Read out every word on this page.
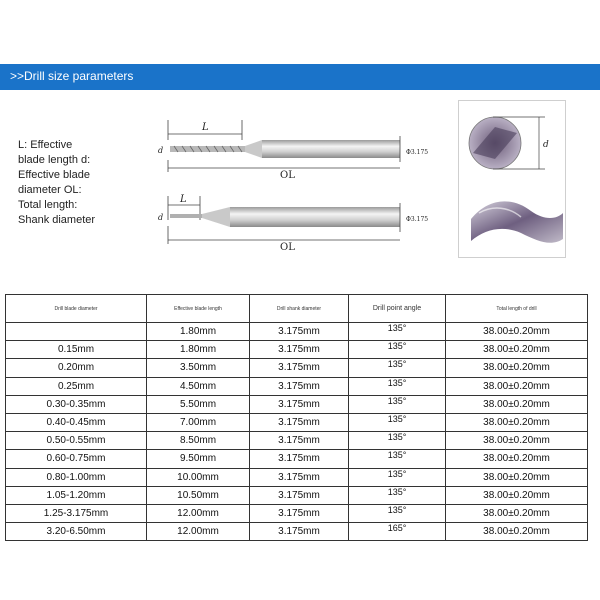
>>Drill size parameters
L: Effective
blade length d:
Effective blade
diameter OL:
Total length:
Shank diameter
L
d	Φ3.175
OL
L
d	Φ3.175
OL
d
Drill blade diameter	Effective blade length	Drill shank diameter	Drill point angle	Total length of drill
	1.80mm	3.175mm	135°	38.00±0.20mm
0.15mm	1.80mm	3.175mm	135°	38.00±0.20mm
0.20mm	3.50mm	3.175mm	135°	38.00±0.20mm
0.25mm	4.50mm	3.175mm	135°	38.00±0.20mm
0.30-0.35mm	5.50mm	3.175mm	135°	38.00±0.20mm
0.40-0.45mm	7.00mm	3.175mm	135°	38.00±0.20mm
0.50-0.55mm	8.50mm	3.175mm	135°	38.00±0.20mm
0.60-0.75mm	9.50mm	3.175mm	135°	38.00±0.20mm
0.80-1.00mm	10.00mm	3.175mm	135°	38.00±0.20mm
1.05-1.20mm	10.50mm	3.175mm	135°	38.00±0.20mm
1.25-3.175mm	12.00mm	3.175mm	135°	38.00±0.20mm
3.20-6.50mm	12.00mm	3.175mm	165°	38.00±0.20mm
